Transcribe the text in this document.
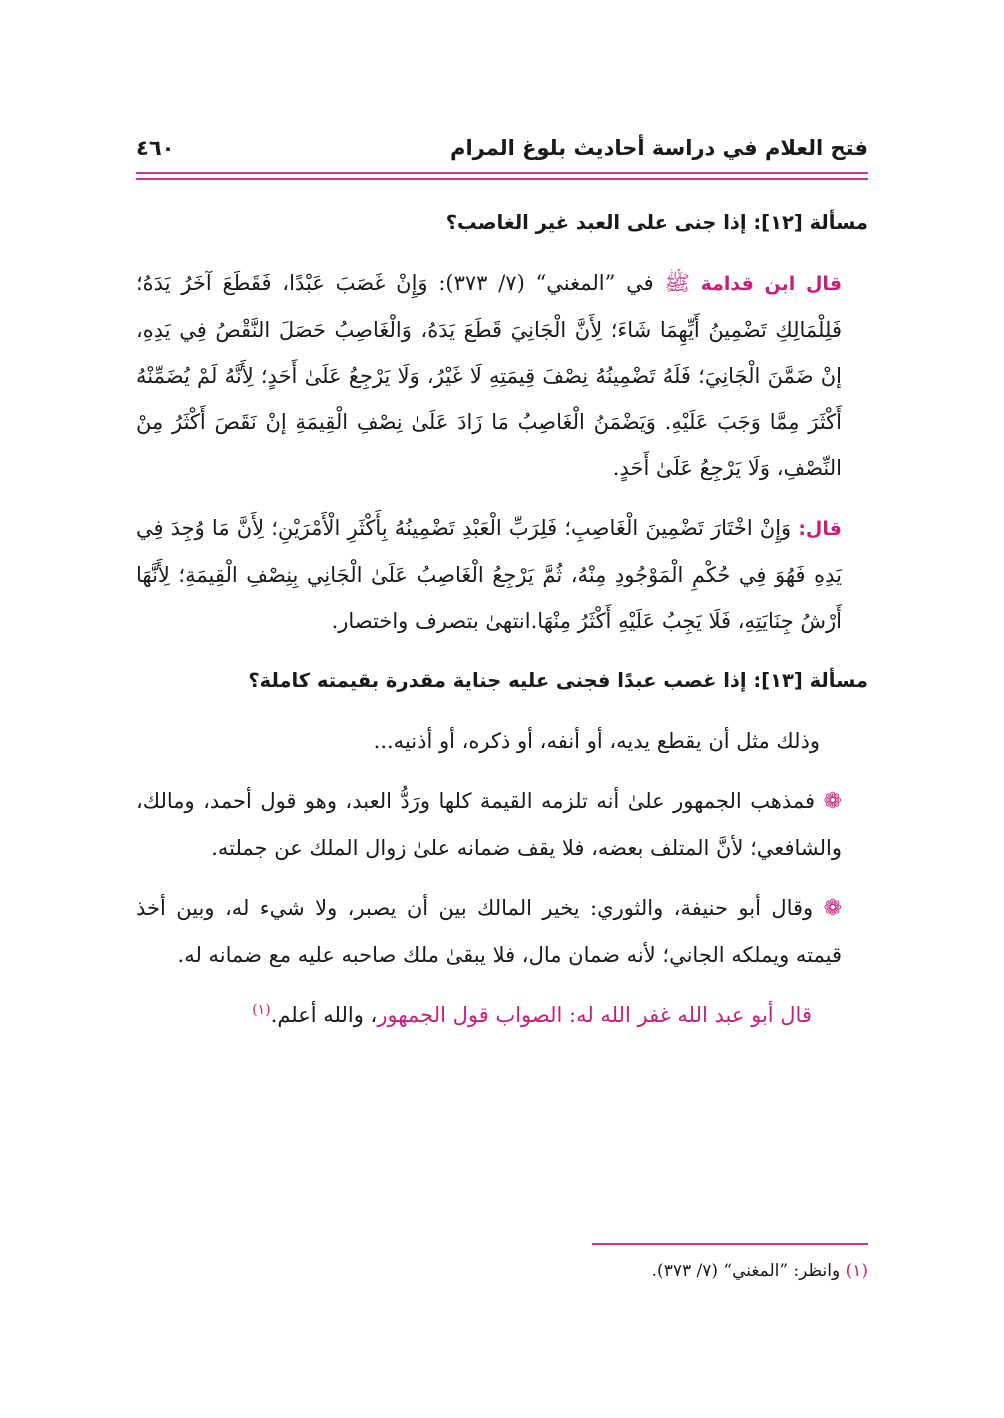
فتح العلام في دراسة أحاديث بلوغ المرام
٤٦٠

مسألة [١٢]: إذا جنى على العبد غير الغاصب؟

قال ابن قدامة ﷺ في ”المغني“ (٧/ ٣٧٣): وَإِنْ غَصَبَ عَبْدًا، فَقَطَعَ آخَرُ يَدَهُ؛ فَلِلْمَالِكِ تَضْمِينُ أَيِّهِمَا شَاءَ؛ لِأَنَّ الْجَانِيَ قَطَعَ يَدَهُ، وَالْغَاصِبُ حَصَلَ النَّقْصُ فِي يَدِهِ، إنْ ضَمَّنَ الْجَانِيَ؛ فَلَهُ تَضْمِينُهُ نِصْفَ قِيمَتِهِ لَا غَيْرُ، وَلَا يَرْجِعُ عَلَىٰ أَحَدٍ؛ لِأَنَّهُ لَمْ يُضَمِّنْهُ أَكْثَرَ مِمَّا وَجَبَ عَلَيْهِ. وَيَضْمَنُ الْغَاصِبُ مَا زَادَ عَلَىٰ نِصْفِ الْقِيمَةِ إنْ نَقَصَ أَكْثَرُ مِنْ النِّصْفِ، وَلَا يَرْجِعُ عَلَىٰ أَحَدٍ.

قال: وَإِنْ اخْتَارَ تَضْمِينَ الْغَاصِبِ؛ فَلِرَبِّ الْعَبْدِ تَضْمِينُهُ بِأَكْثَرِ الْأَمْرَيْنِ؛ لِأَنَّ مَا وُجِدَ فِي يَدِهِ فَهُوَ فِي حُكْمِ الْمَوْجُودِ مِنْهُ، ثُمَّ يَرْجِعُ الْغَاصِبُ عَلَىٰ الْجَانِي بِنِصْفِ الْقِيمَةِ؛ لِأَنَّهَا أَرْشُ جِنَايَتِهِ، فَلَا يَجِبُ عَلَيْهِ أَكْثَرُ مِنْهَا.انتهىٰ بتصرف واختصار.

مسألة [١٣]: إذا غصب عبدًا فجنى عليه جناية مقدرة بقيمته كاملة؟

وذلك مثل أن يقطع يديه، أو أنفه، أو ذكره، أو أذنيه...

❁ فمذهب الجمهور علىٰ أنه تلزمه القيمة كلها ورَدُّ العبد، وهو قول أحمد، ومالك، والشافعي؛ لأنَّ المتلف بعضه، فلا يقف ضمانه علىٰ زوال الملك عن جملته.

❁ وقال أبو حنيفة، والثوري: يخير المالك بين أن يصبر، ولا شيء له، وبين أخذ قيمته ويملكه الجاني؛ لأنه ضمان مال، فلا يبقىٰ ملك صاحبه عليه مع ضمانه له.

قال أبو عبد الله غفر الله له: الصواب قول الجمهور، والله أعلم.$^{(١)}$

(١) وانظر: ”المغني“ (٧/ ٣٧٣).
